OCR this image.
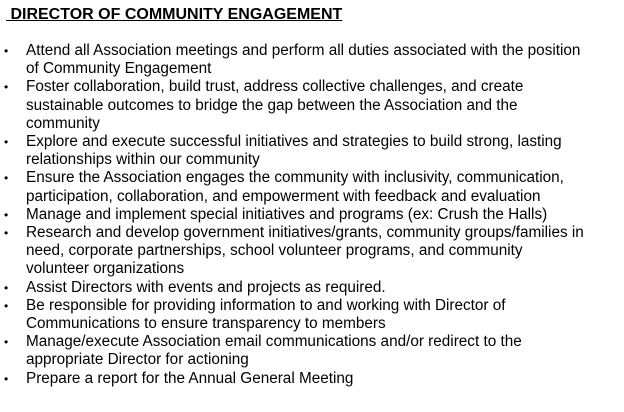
DIRECTOR OF COMMUNITY ENGAGEMENT
• Attend all Association meetings and perform all duties associated with the position of Community Engagement
• Foster collaboration, build trust, address collective challenges, and create sustainable outcomes to bridge the gap between the Association and the community
• Explore and execute successful initiatives and strategies to build strong, lasting relationships within our community
• Ensure the Association engages the community with inclusivity, communication, participation, collaboration, and empowerment with feedback and evaluation
• Manage and implement special initiatives and programs (ex: Crush the Halls)
• Research and develop government initiatives/grants, community groups/families in need, corporate partnerships, school volunteer programs, and community volunteer organizations
• Assist Directors with events and projects as required.
• Be responsible for providing information to and working with Director of Communications to ensure transparency to members
• Manage/execute Association email communications and/or redirect to the appropriate Director for actioning
• Prepare a report for the Annual General Meeting
